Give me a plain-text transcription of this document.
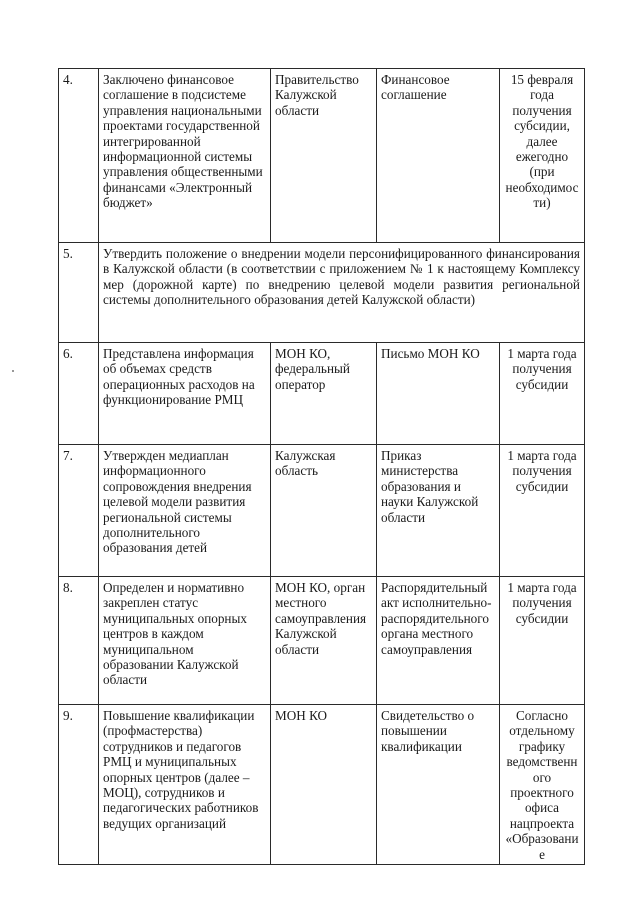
4.	Заключено финансовое соглашение в подсистеме управления национальными проектами государственной интегрированной информационной системы управления общественными финансами «Электронный бюджет»	Правительство Калужской области	Финансовое соглашение	15 февраля года получения субсидии, далее ежегодно (при необходимости)
5.	Утвердить положение о внедрении модели персонифицированного финансирования в Калужской области (в соответствии с приложением № 1 к настоящему Комплексу мер (дорожной карте) по внедрению целевой модели развития региональной системы дополнительного образования детей Калужской области)			
6.	Представлена информация об объемах средств операционных расходов на функционирование РМЦ	МОН КО, федеральный оператор	Письмо МОН КО	1 марта года получения субсидии
7.	Утвержден медиаплан информационного сопровождения внедрения целевой модели развития региональной системы дополнительного образования детей	Калужская область	Приказ министерства образования и науки Калужской области	1 марта года получения субсидии
8.	Определен и нормативно закреплен статус муниципальных опорных центров в каждом муниципальном образовании Калужской области	МОН КО, орган местного самоуправления Калужской области	Распорядительный акт исполнительно-распорядительного органа местного самоуправления	1 марта года получения субсидии
9.	Повышение квалификации (профмастерства) сотрудников и педагогов РМЦ и муниципальных опорных центров (далее – МОЦ), сотрудников и педагогических работников ведущих организаций	МОН КО	Свидетельство о повышении квалификации	Согласно отдельному графику ведомственного проектного офиса нацпроекта «Образование
